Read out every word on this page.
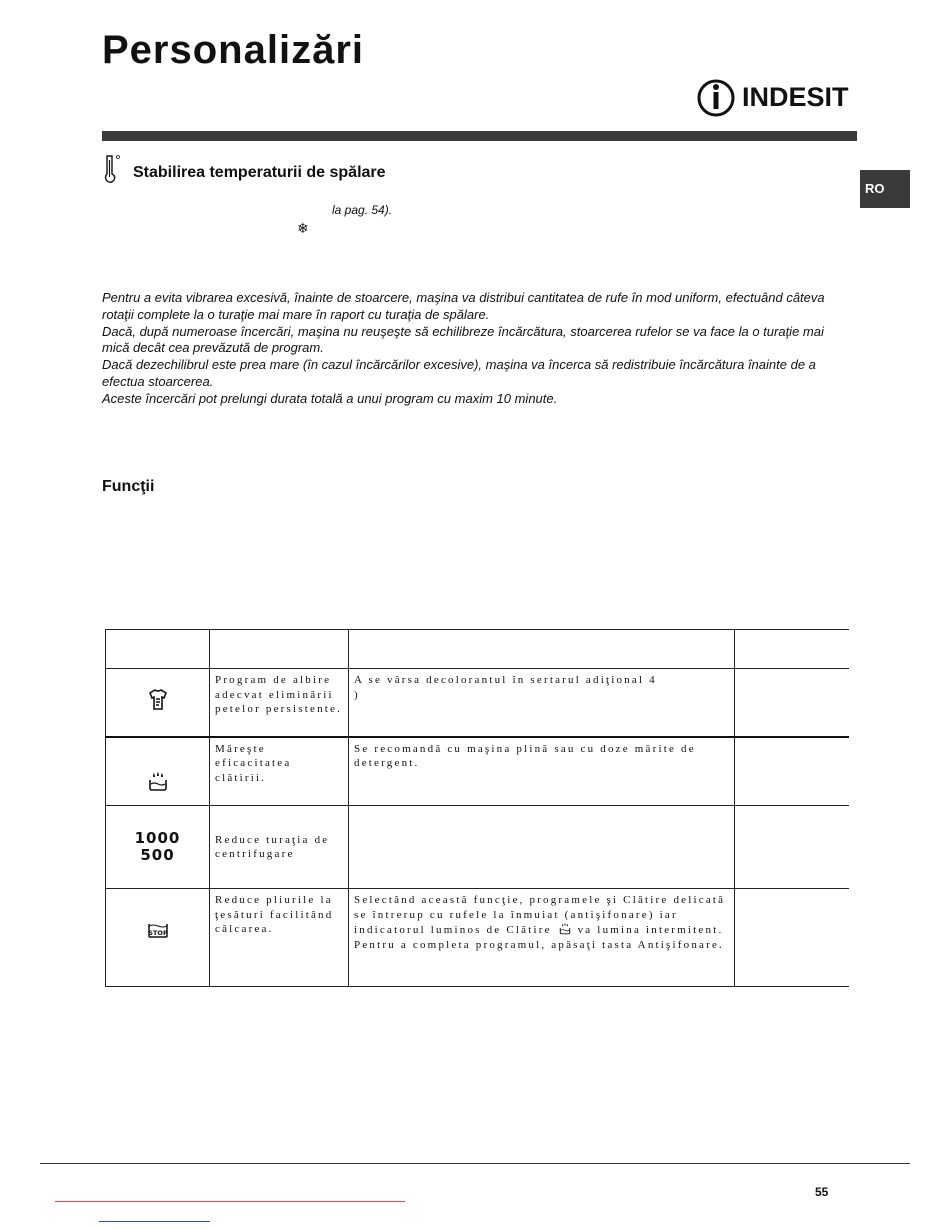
Personalizări
INDESIT
RO
Stabilirea temperaturii de spălare
la pag. 54).
❄

Pentru a evita vibrarea excesivă, înainte de stoarcere, maşina va distribui cantitatea de rufe în mod uniform, efectuând câteva rotaţii complete la o turaţie mai mare în raport cu turaţia de spălare.

Dacă, după numeroase încercări, maşina nu reuşeşte să echilibreze încărcătura, stoarcerea rufelor se va face la o turaţie mai mică decât cea prevăzută de program.

Dacă dezechilibrul este prea mare (în cazul încărcărilor excesive), maşina va încerca să redistribuie încărcătura înainte de a efectua stoarcerea.

Aceste încercări pot prelungi durata totală a unui program cu maxim 10 minute.

Funcţii

Program de albire adecvat eliminării petelor persistente.	A se vărsa decolorantul în sertarul adiţional 4
)	

Măreşte eficacitatea clătirii.	Se recomandă cu maşina plină sau cu doze mărite de detergent.	

1000
500	Reduce turaţia de centrifugare		

STOP	Reduce pliurile la ţesături facilitând călcarea.	Selectând această funcţie, programele şi Clătire delicată se întrerup cu rufele la înmuiat (antişifonare) iar indicatorul luminos de Clătire va lumina intermitent.
Pentru a completa programul, apăsaţi tasta Antişifonare.	

55
